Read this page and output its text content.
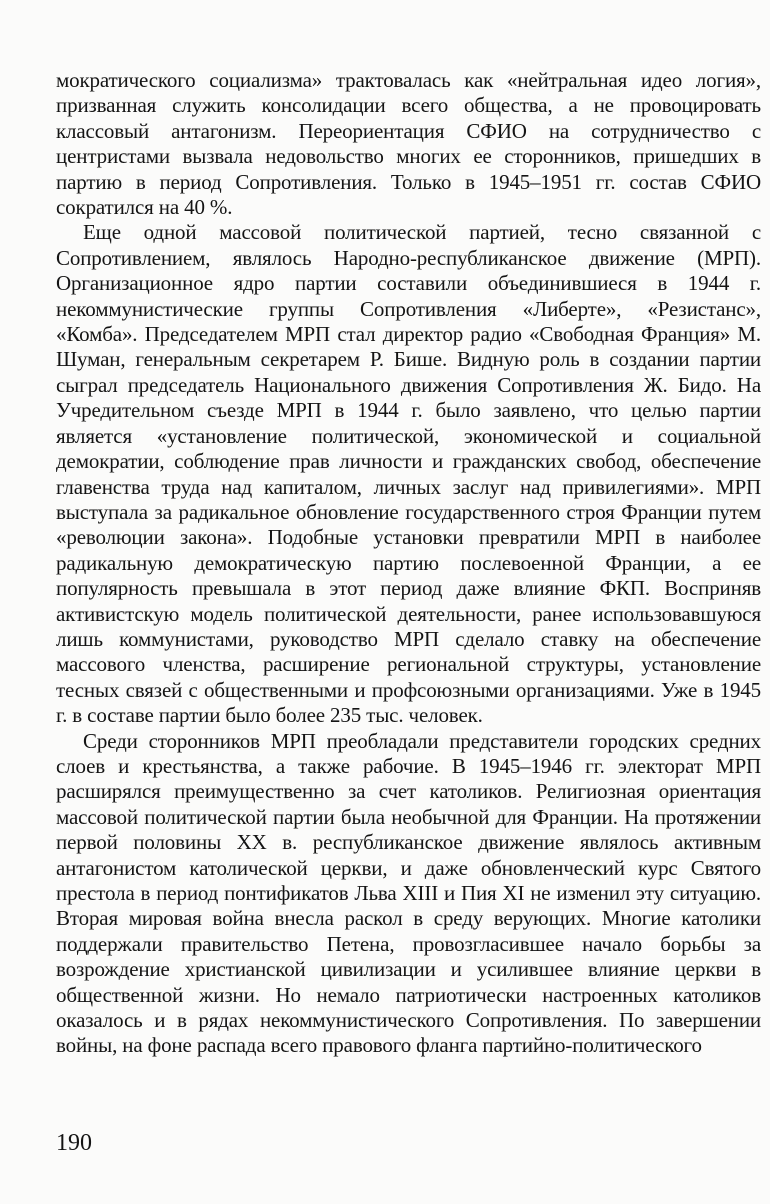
мократического социализма» трактовалась как «нейтральная идео логия», призванная служить консолидации всего общества, а не провоцировать классовый антагонизм. Переориентация СФИО на сотрудничество с центристами вызвала недовольство многих ее сторонников, пришедших в партию в период Сопротивления. Только в 1945–1951 гг. состав СФИО сократился на 40 %.

Еще одной массовой политической партией, тесно связанной с Сопротивлением, являлось Народно-республиканское движение (МРП). Организационное ядро партии составили объединившиеся в 1944 г. некоммунистические группы Сопротивления «Либерте», «Резистанс», «Комба». Председателем МРП стал директор радио «Свободная Франция» М. Шуман, генеральным секретарем Р. Бише. Видную роль в создании партии сыграл председатель Национального движения Сопротивления Ж. Бидо. На Учредительном съезде МРП в 1944 г. было заявлено, что целью партии является «установление политической, экономической и социальной демократии, соблюдение прав личности и гражданских свобод, обеспечение главенства труда над капиталом, личных заслуг над привилегиями». МРП выступала за радикальное обновление государственного строя Франции путем «революции закона». Подобные установки превратили МРП в наиболее радикальную демократическую партию послевоенной Франции, а ее популярность превышала в этот период даже влияние ФКП. Восприняв активистскую модель политической деятельности, ранее использовавшуюся лишь коммунистами, руководство МРП сделало ставку на обеспечение массового членства, расширение региональной структуры, установление тесных связей с общественными и профсоюзными организациями. Уже в 1945 г. в составе партии было более 235 тыс. человек.

Среди сторонников МРП преобладали представители городских средних слоев и крестьянства, а также рабочие. В 1945–1946 гг. электорат МРП расширялся преимущественно за счет католиков. Религиозная ориентация массовой политической партии была необычной для Франции. На протяжении первой половины XX в. республиканское движение являлось активным антагонистом католической церкви, и даже обновленческий курс Святого престола в период понтификатов Льва XIII и Пия XI не изменил эту ситуацию. Вторая мировая война внесла раскол в среду верующих. Многие католики поддержали правительство Петена, провозгласившее начало борьбы за возрождение христианской цивилизации и усилившее влияние церкви в общественной жизни. Но немало патриотически настроенных католиков оказалось и в рядах некоммунистического Сопротивления. По завершении войны, на фоне распада всего правового фланга партийно-политического

190
